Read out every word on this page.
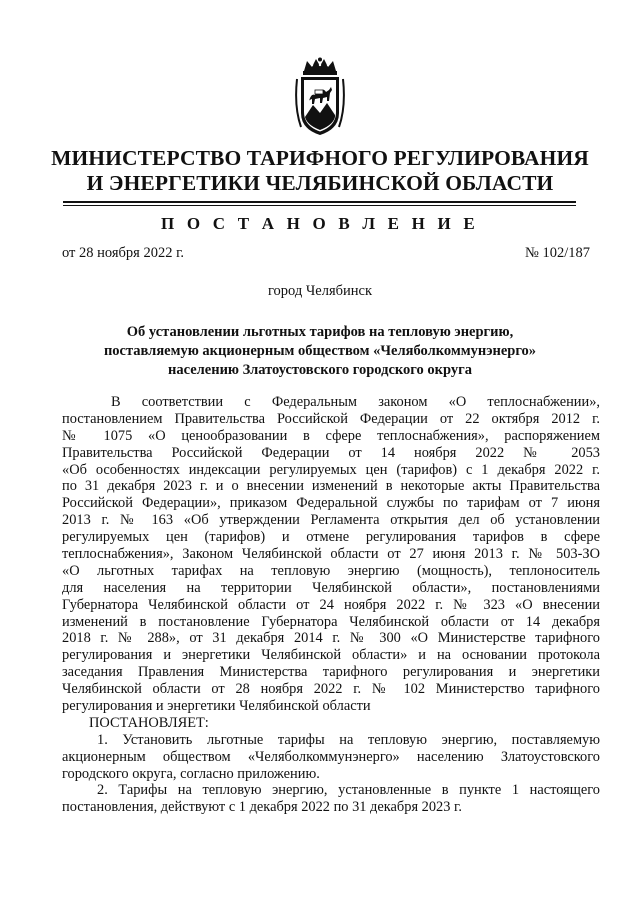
МИНИСТЕРСТВО ТАРИФНОГО РЕГУЛИРОВАНИЯ
И ЭНЕРГЕТИКИ ЧЕЛЯБИНСКОЙ ОБЛАСТИ
П О С Т А Н О В Л Е Н И Е
от 28 ноября 2022 г.	№ 102/187
город Челябинск
Об установлении льготных тарифов на тепловую энергию,
поставляемую акционерным обществом «Челяболкоммунэнерго»
населению Златоустовского городского округа
В соответствии с Федеральным законом «О теплоснабжении»,
постановлением Правительства Российской Федерации от 22 октября 2012 г.
№ 1075 «О ценообразовании в сфере теплоснабжения», распоряжением
Правительства Российской Федерации от 14 ноября 2022 № 2053
«Об особенностях индексации регулируемых цен (тарифов) с 1 декабря 2022 г.
по 31 декабря 2023 г. и о внесении изменений в некоторые акты Правительства
Российской Федерации», приказом Федеральной службы по тарифам от 7 июня
2013 г. № 163 «Об утверждении Регламента открытия дел об установлении
регулируемых цен (тарифов) и отмене регулирования тарифов в сфере
теплоснабжения», Законом Челябинской области от 27 июня 2013 г. № 503-ЗО
«О льготных тарифах на тепловую энергию (мощность), теплоноситель
для населения на территории Челябинской области», постановлениями
Губернатора Челябинской области от 24 ноября 2022 г. № 323 «О внесении
изменений в постановление Губернатора Челябинской области от 14 декабря
2018 г. № 288», от 31 декабря 2014 г. № 300 «О Министерстве тарифного
регулирования и энергетики Челябинской области» и на основании протокола
заседания Правления Министерства тарифного регулирования и энергетики
Челябинской области от 28 ноября 2022 г. № 102 Министерство тарифного
регулирования и энергетики Челябинской области
ПОСТАНОВЛЯЕТ:
1. Установить льготные тарифы на тепловую энергию, поставляемую
акционерным обществом «Челяболкоммунэнерго» населению Златоустовского
городского округа, согласно приложению.
2. Тарифы на тепловую энергию, установленные в пункте 1 настоящего
постановления, действуют с 1 декабря 2022 по 31 декабря 2023 г.
